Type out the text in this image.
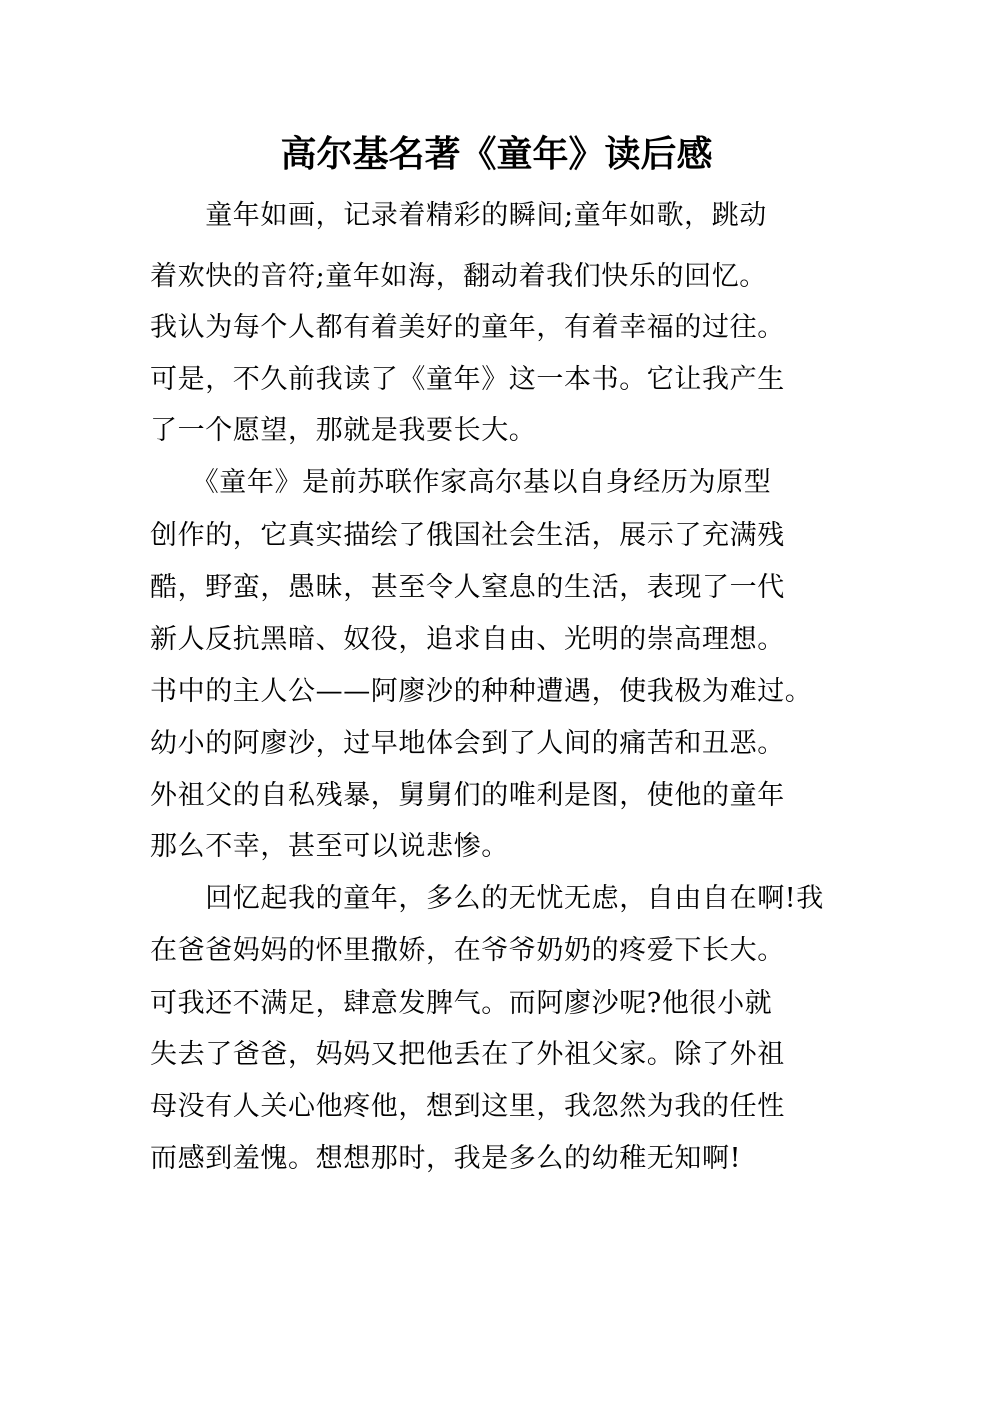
高尔基名著《童年》读后感
　　童年如画，记录着精彩的瞬间;童年如歌，跳动
着欢快的音符;童年如海，翻动着我们快乐的回忆。
我认为每个人都有着美好的童年，有着幸福的过往。
可是，不久前我读了《童年》这一本书。它让我产生
了一个愿望，那就是我要长大。
　　《童年》是前苏联作家高尔基以自身经历为原型
创作的，它真实描绘了俄国社会生活，展示了充满残
酷，野蛮，愚昧，甚至令人窒息的生活，表现了一代
新人反抗黑暗、奴役，追求自由、光明的崇高理想。
书中的主人公——阿廖沙的种种遭遇，使我极为难过。
幼小的阿廖沙，过早地体会到了人间的痛苦和丑恶。
外祖父的自私残暴，舅舅们的唯利是图，使他的童年
那么不幸，甚至可以说悲惨。
　　回忆起我的童年，多么的无忧无虑，自由自在啊!我
在爸爸妈妈的怀里撒娇，在爷爷奶奶的疼爱下长大。
可我还不满足，肆意发脾气。而阿廖沙呢?他很小就
失去了爸爸，妈妈又把他丢在了外祖父家。除了外祖
母没有人关心他疼他，想到这里，我忽然为我的任性
而感到羞愧。想想那时，我是多么的幼稚无知啊!
